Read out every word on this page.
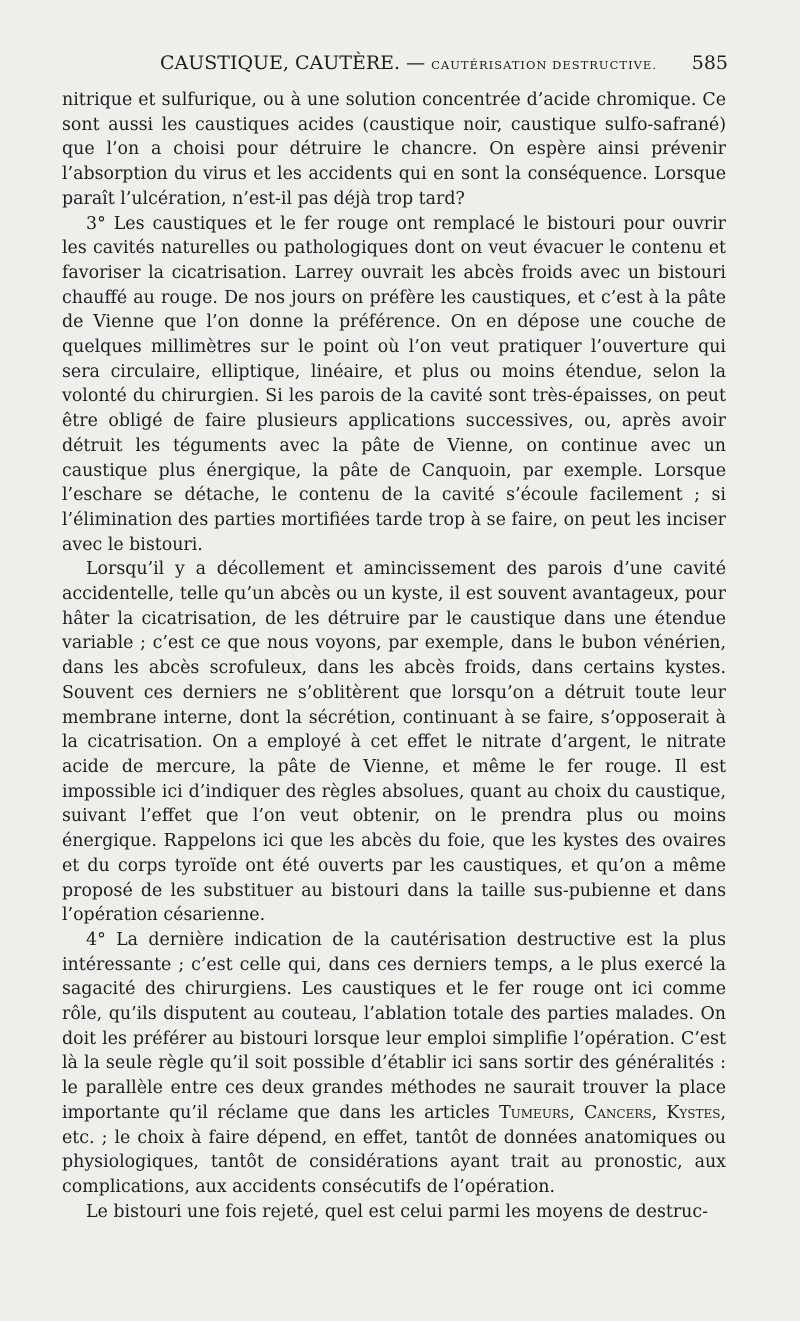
CAUSTIQUE, CAUTÈRE. — CAUTÉRISATION DESTRUCTIVE. 585

nitrique et sulfurique, ou à une solution concentrée d’acide chromique. Ce sont aussi les caustiques acides (caustique noir, caustique sulfo-safrané) que l’on a choisi pour détruire le chancre. On espère ainsi prévenir l’absorption du virus et les accidents qui en sont la conséquence. Lorsque paraît l’ulcération, n’est-il pas déjà trop tard?

3° Les caustiques et le fer rouge ont remplacé le bistouri pour ouvrir les cavités naturelles ou pathologiques dont on veut évacuer le contenu et favoriser la cicatrisation. Larrey ouvrait les abcès froids avec un bistouri chauffé au rouge. De nos jours on préfère les caustiques, et c’est à la pâte de Vienne que l’on donne la préférence. On en dépose une couche de quelques millimètres sur le point où l’on veut pratiquer l’ouverture qui sera circulaire, elliptique, linéaire, et plus ou moins étendue, selon la volonté du chirurgien. Si les parois de la cavité sont très-épaisses, on peut être obligé de faire plusieurs applications successives, ou, après avoir détruit les téguments avec la pâte de Vienne, on continue avec un caustique plus énergique, la pâte de Canquoin, par exemple. Lorsque l’eschare se détache, le contenu de la cavité s’écoule facilement ; si l’élimination des parties mortifiées tarde trop à se faire, on peut les inciser avec le bistouri.

Lorsqu’il y a décollement et amincissement des parois d’une cavité accidentelle, telle qu’un abcès ou un kyste, il est souvent avantageux, pour hâter la cicatrisation, de les détruire par le caustique dans une étendue variable ; c’est ce que nous voyons, par exemple, dans le bubon vénérien, dans les abcès scrofuleux, dans les abcès froids, dans certains kystes. Souvent ces derniers ne s’oblitèrent que lorsqu’on a détruit toute leur membrane interne, dont la sécrétion, continuant à se faire, s’opposerait à la cicatrisation. On a employé à cet effet le nitrate d’argent, le nitrate acide de mercure, la pâte de Vienne, et même le fer rouge. Il est impossible ici d’indiquer des règles absolues, quant au choix du caustique, suivant l’effet que l’on veut obtenir, on le prendra plus ou moins énergique. Rappelons ici que les abcès du foie, que les kystes des ovaires et du corps tyroïde ont été ouverts par les caustiques, et qu’on a même proposé de les substituer au bistouri dans la taille sus-pubienne et dans l’opération césarienne.

4° La dernière indication de la cautérisation destructive est la plus intéressante ; c’est celle qui, dans ces derniers temps, a le plus exercé la sagacité des chirurgiens. Les caustiques et le fer rouge ont ici comme rôle, qu’ils disputent au couteau, l’ablation totale des parties malades. On doit les préférer au bistouri lorsque leur emploi simplifie l’opération. C’est là la seule règle qu’il soit possible d’établir ici sans sortir des généralités : le parallèle entre ces deux grandes méthodes ne saurait trouver la place importante qu’il réclame que dans les articles Tumeurs, Cancers, Kystes, etc. ; le choix à faire dépend, en effet, tantôt de données anatomiques ou physiologiques, tantôt de considérations ayant trait au pronostic, aux complications, aux accidents consécutifs de l’opération.

Le bistouri une fois rejeté, quel est celui parmi les moyens de destruc-
